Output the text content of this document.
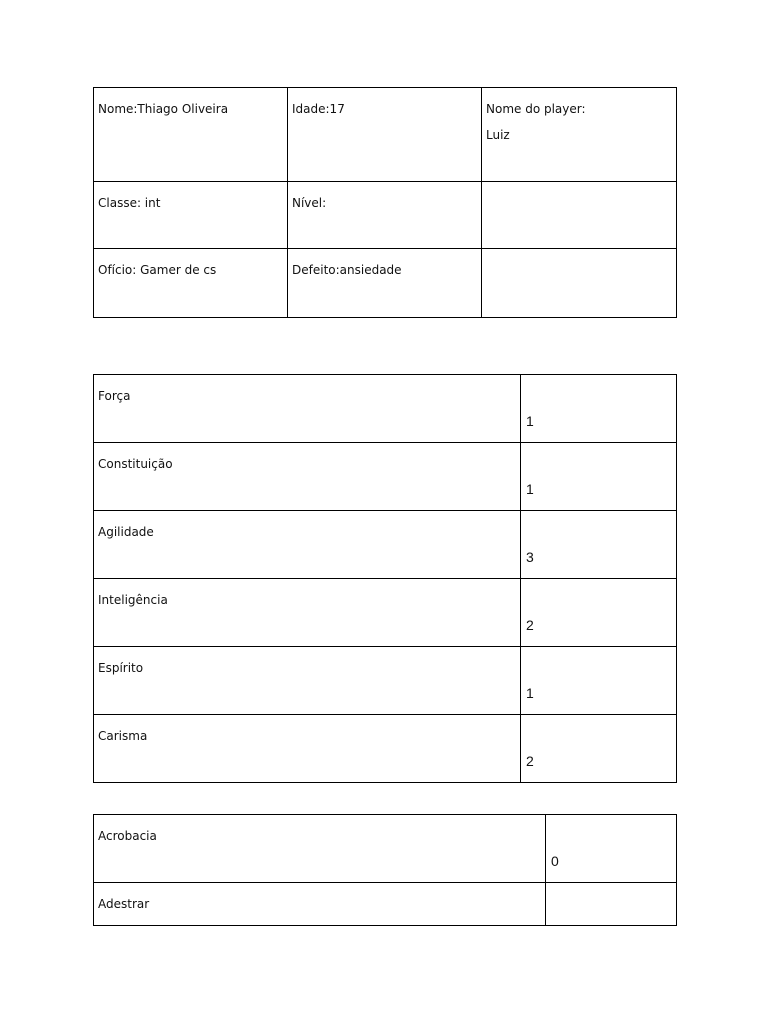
Nome:Thiago Oliveira	Idade:17	Nome do player:
Luiz

Classe: int	Nível:	

Ofício: Gamer de cs	Defeito:ansiedade	

Força	1

Constituição	1

Agilidade	3

Inteligência	2

Espírito	1

Carisma	2
Acrobacia	0

Adestrar	
